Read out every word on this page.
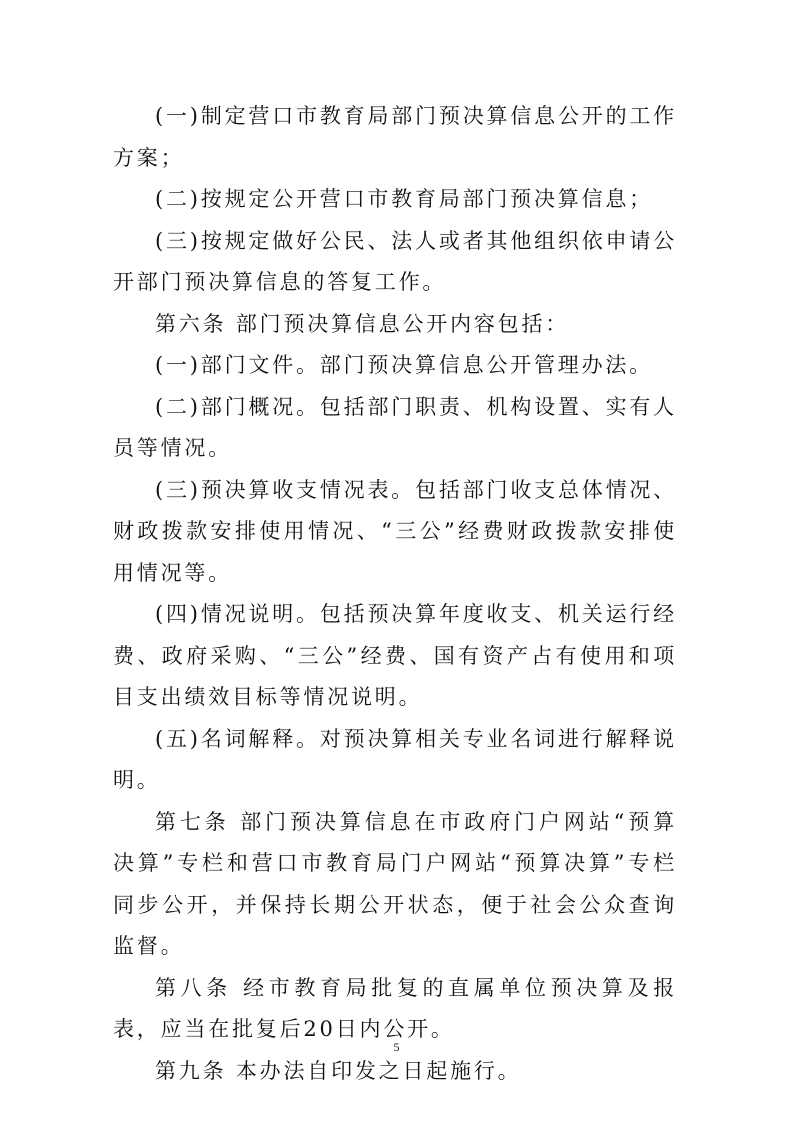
(一)制定营口市教育局部门预决算信息公开的工作方案；

(二)按规定公开营口市教育局部门预决算信息；

(三)按规定做好公民、法人或者其他组织依申请公开部门预决算信息的答复工作。

第六条 部门预决算信息公开内容包括：

(一)部门文件。部门预决算信息公开管理办法。

(二)部门概况。包括部门职责、机构设置、实有人员等情况。

(三)预决算收支情况表。包括部门收支总体情况、财政拨款安排使用情况、“三公”经费财政拨款安排使用情况等。

(四)情况说明。包括预决算年度收支、机关运行经费、政府采购、“三公”经费、国有资产占有使用和项目支出绩效目标等情况说明。

(五)名词解释。对预决算相关专业名词进行解释说明。

第七条 部门预决算信息在市政府门户网站“预算决算”专栏和营口市教育局门户网站“预算决算”专栏同步公开，并保持长期公开状态，便于社会公众查询监督。

第八条 经市教育局批复的直属单位预决算及报表，应当在批复后20日内公开。

第九条 本办法自印发之日起施行。

5
